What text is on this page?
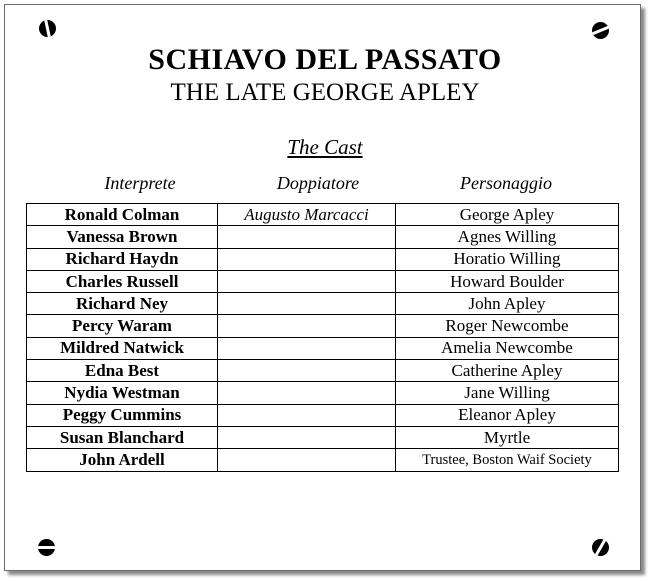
SCHIAVO DEL PASSATO
THE LATE GEORGE APLEY
The Cast
Interprete	Doppiatore	Personaggio
Ronald Colman	Augusto Marcacci	George Apley
Vanessa Brown		Agnes Willing
Richard Haydn		Horatio Willing
Charles Russell		Howard Boulder
Richard Ney		John Apley
Percy Waram		Roger Newcombe
Mildred Natwick		Amelia Newcombe
Edna Best		Catherine Apley
Nydia Westman		Jane Willing
Peggy Cummins		Eleanor Apley
Susan Blanchard		Myrtle
John Ardell		Trustee, Boston Waif Society
